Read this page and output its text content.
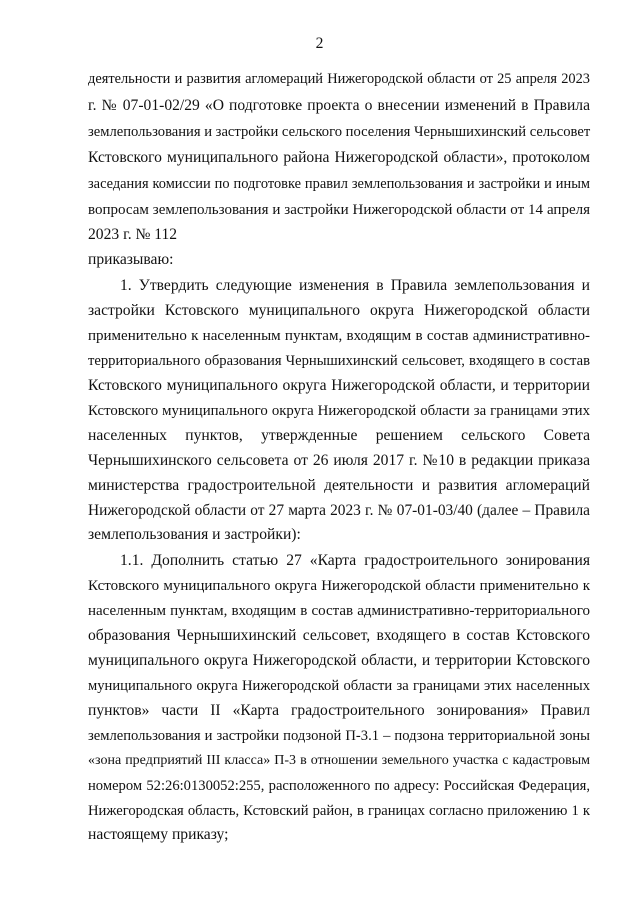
2
деятельности и развития агломераций Нижегородской области от 25 апреля 2023
г. № 07-01-02/29 «О подготовке проекта о внесении изменений в Правила
землепользования и застройки сельского поселения Чернышихинский сельсовет
Кстовского муниципального района Нижегородской области», протоколом
заседания комиссии по подготовке правил землепользования и застройки и иным
вопросам землепользования и застройки Нижегородской области от 14 апреля
2023 г. № 112
приказываю:
1. Утвердить следующие изменения в Правила землепользования и
застройки Кстовского муниципального округа Нижегородской области
применительно к населенным пунктам, входящим в состав административно-
территориального образования Чернышихинский сельсовет, входящего в состав
Кстовского муниципального округа Нижегородской области, и территории
Кстовского муниципального округа Нижегородской области за границами этих
населенных пунктов, утвержденные решением сельского Совета
Чернышихинского сельсовета от 26 июля 2017 г. №10 в редакции приказа
министерства градостроительной деятельности и развития агломераций
Нижегородской области от 27 марта 2023 г. № 07-01-03/40 (далее – Правила
землепользования и застройки):
1.1. Дополнить статью 27 «Карта градостроительного зонирования
Кстовского муниципального округа Нижегородской области применительно к
населенным пунктам, входящим в состав административно-территориального
образования Чернышихинский сельсовет, входящего в состав Кстовского
муниципального округа Нижегородской области, и территории Кстовского
муниципального округа Нижегородской области за границами этих населенных
пунктов» части II «Карта градостроительного зонирования» Правил
землепользования и застройки подзоной П-3.1 – подзона территориальной зоны
«зона предприятий III класса» П-3 в отношении земельного участка с кадастровым
номером 52:26:0130052:255, расположенного по адресу: Российская Федерация,
Нижегородская область, Кстовский район, в границах согласно приложению 1 к
настоящему приказу;
